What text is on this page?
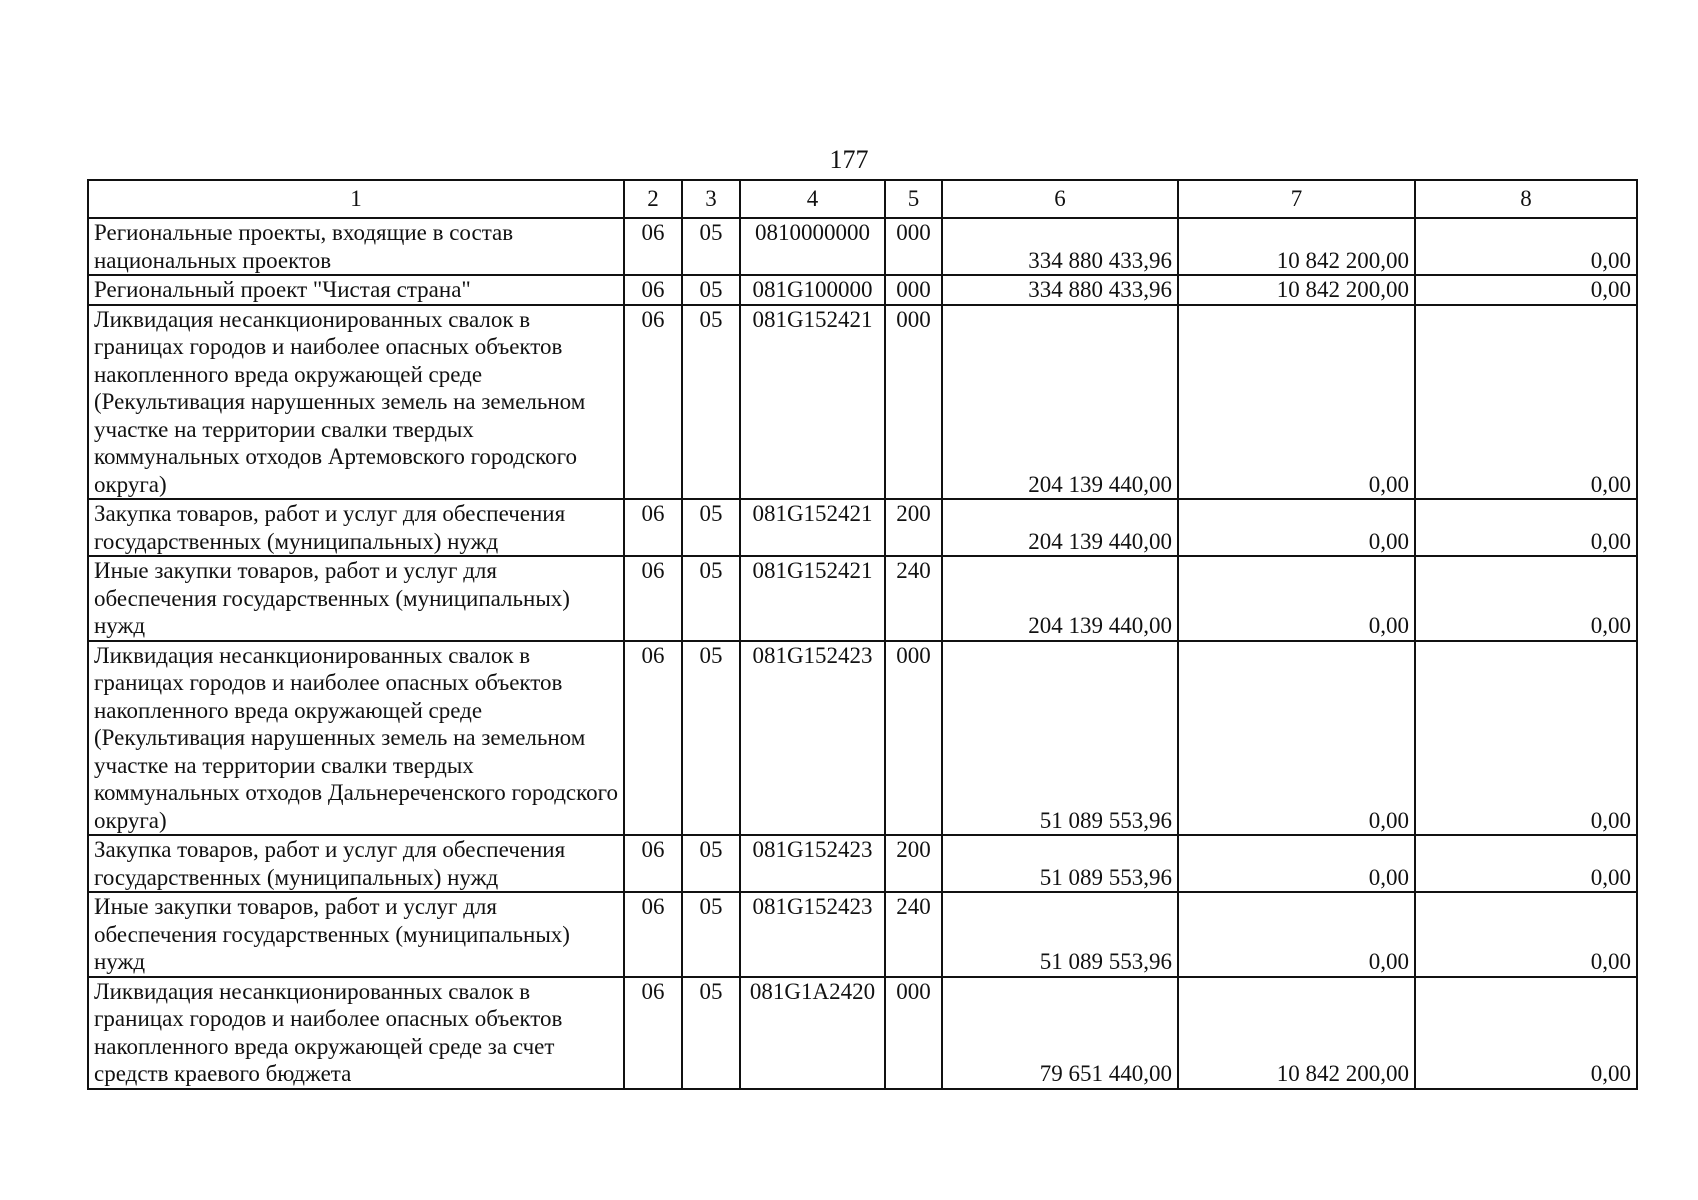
177
1	2	3	4	5	6	7	8
Региональные проекты, входящие в состав национальных проектов	06	05	0810000000	000	334 880 433,96	10 842 200,00	0,00
Региональный проект "Чистая страна"	06	05	081G100000	000	334 880 433,96	10 842 200,00	0,00
Ликвидация несанкционированных свалок в границах городов и наиболее опасных объектов накопленного вреда окружающей среде (Рекультивация нарушенных земель на земельном участке на территории свалки твердых коммунальных отходов Артемовского городского округа)	06	05	081G152421	000	204 139 440,00	0,00	0,00
Закупка товаров, работ и услуг для обеспечения государственных (муниципальных) нужд	06	05	081G152421	200	204 139 440,00	0,00	0,00
Иные закупки товаров, работ и услуг для обеспечения государственных (муниципальных) нужд	06	05	081G152421	240	204 139 440,00	0,00	0,00
Ликвидация несанкционированных свалок в границах городов и наиболее опасных объектов накопленного вреда окружающей среде (Рекультивация нарушенных земель на земельном участке на территории свалки твердых коммунальных отходов Дальнереченского городского округа)	06	05	081G152423	000	51 089 553,96	0,00	0,00
Закупка товаров, работ и услуг для обеспечения государственных (муниципальных) нужд	06	05	081G152423	200	51 089 553,96	0,00	0,00
Иные закупки товаров, работ и услуг для обеспечения государственных (муниципальных) нужд	06	05	081G152423	240	51 089 553,96	0,00	0,00
Ликвидация несанкционированных свалок в границах городов и наиболее опасных объектов накопленного вреда окружающей среде за счет средств краевого бюджета	06	05	081G1A2420	000	79 651 440,00	10 842 200,00	0,00
